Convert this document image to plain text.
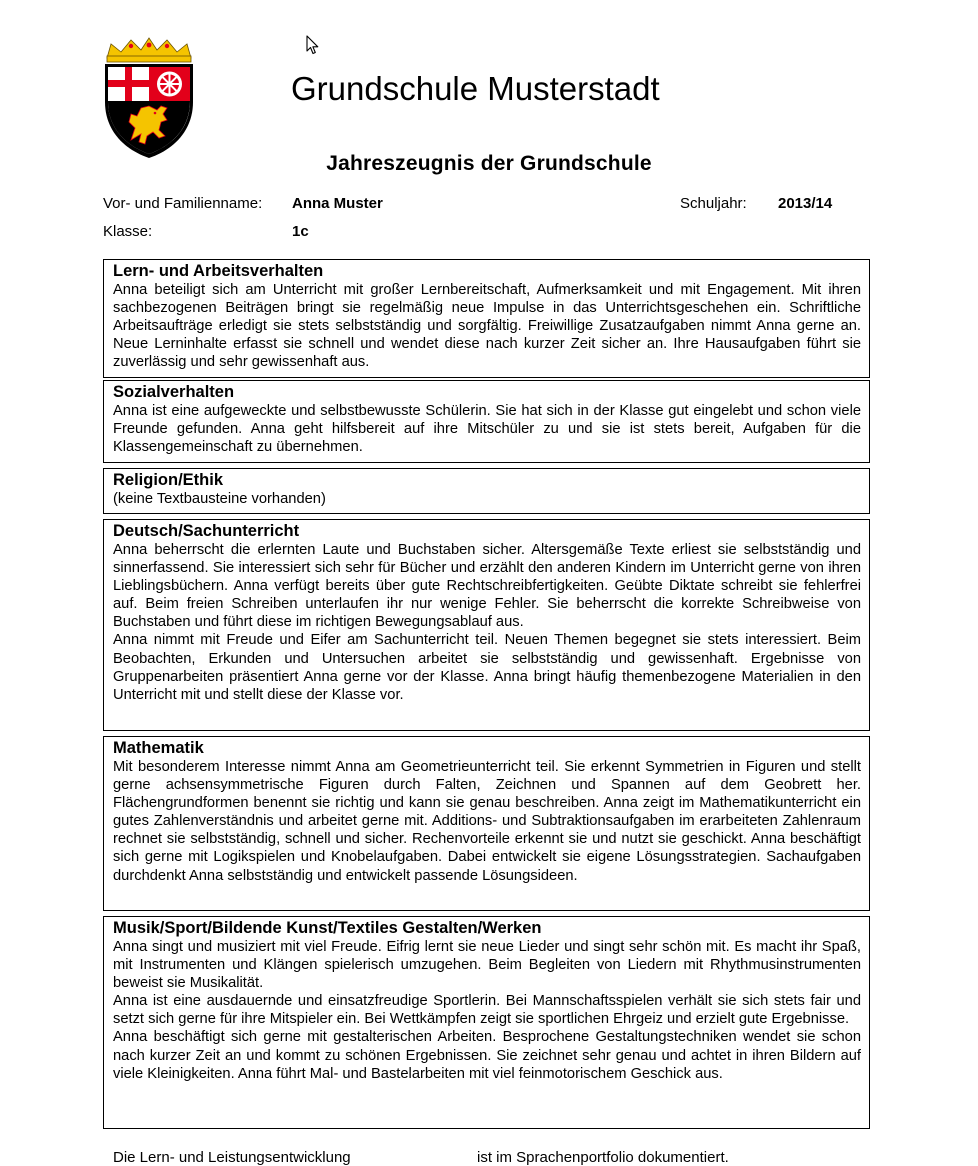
Grundschule Musterstadt
Jahreszeugnis der Grundschule
Vor- und Familienname: Anna Muster	Schuljahr: 2013/14
Klasse:	1c
Lern- und Arbeitsverhalten

Anna beteiligt sich am Unterricht mit großer Lernbereitschaft, Aufmerksamkeit und mit Engagement. Mit ihren sachbezogenen Beiträgen bringt sie regelmäßig neue Impulse in das Unterrichtsgeschehen ein. Schriftliche Arbeitsaufträge erledigt sie stets selbstständig und sorgfältig. Freiwillige Zusatzaufgaben nimmt Anna gerne an. Neue Lerninhalte erfasst sie schnell und wendet diese nach kurzer Zeit sicher an. Ihre Hausaufgaben führt sie zuverlässig und sehr gewissenhaft aus.

Sozialverhalten

Anna ist eine aufgeweckte und selbstbewusste Schülerin. Sie hat sich in der Klasse gut eingelebt und schon viele Freunde gefunden. Anna geht hilfsbereit auf ihre Mitschüler zu und sie ist stets bereit, Aufgaben für die Klassengemeinschaft zu übernehmen.

Religion/Ethik

(keine Textbausteine vorhanden)

Deutsch/Sachunterricht

Anna beherrscht die erlernten Laute und Buchstaben sicher. Altersgemäße Texte erliest sie selbstständig und sinnerfassend. Sie interessiert sich sehr für Bücher und erzählt den anderen Kindern im Unterricht gerne von ihren Lieblingsbüchern. Anna verfügt bereits über gute Rechtschreibfertigkeiten. Geübte Diktate schreibt sie fehlerfrei auf. Beim freien Schreiben unterlaufen ihr nur wenige Fehler. Sie beherrscht die korrekte Schreibweise von Buchstaben und führt diese im richtigen Bewegungsablauf aus.

Anna nimmt mit Freude und Eifer am Sachunterricht teil. Neuen Themen begegnet sie stets interessiert. Beim Beobachten, Erkunden und Untersuchen arbeitet sie selbstständig und gewissenhaft. Ergebnisse von Gruppenarbeiten präsentiert Anna gerne vor der Klasse. Anna bringt häufig themenbezogene Materialien in den Unterricht mit und stellt diese der Klasse vor.

Mathematik

Mit besonderem Interesse nimmt Anna am Geometrieunterricht teil. Sie erkennt Symmetrien in Figuren und stellt gerne achsensymmetrische Figuren durch Falten, Zeichnen und Spannen auf dem Geobrett her. Flächengrundformen benennt sie richtig und kann sie genau beschreiben. Anna zeigt im Mathematikunterricht ein gutes Zahlenverständnis und arbeitet gerne mit. Additions- und Subtraktionsaufgaben im erarbeiteten Zahlenraum rechnet sie selbstständig, schnell und sicher. Rechenvorteile erkennt sie und nutzt sie geschickt. Anna beschäftigt sich gerne mit Logikspielen und Knobelaufgaben. Dabei entwickelt sie eigene Lösungsstrategien. Sachaufgaben durchdenkt Anna selbstständig und entwickelt passende Lösungsideen.

Musik/Sport/Bildende Kunst/Textiles Gestalten/Werken

Anna singt und musiziert mit viel Freude. Eifrig lernt sie neue Lieder und singt sehr schön mit. Es macht ihr Spaß, mit Instrumenten und Klängen spielerisch umzugehen. Beim Begleiten von Liedern mit Rhythmusinstrumenten beweist sie Musikalität.

Anna ist eine ausdauernde und einsatzfreudige Sportlerin. Bei Mannschaftsspielen verhält sie sich stets fair und setzt sich gerne für ihre Mitspieler ein. Bei Wettkämpfen zeigt sie sportlichen Ehrgeiz und erzielt gute Ergebnisse.

Anna beschäftigt sich gerne mit gestalterischen Arbeiten. Besprochene Gestaltungstechniken wendet sie schon nach kurzer Zeit an und kommt zu schönen Ergebnissen. Sie zeichnet sehr genau und achtet in ihren Bildern auf viele Kleinigkeiten. Anna führt Mal- und Bastelarbeiten mit viel feinmotorischem Geschick aus.

Die Lern- und Leistungsentwicklung	ist im Sprachenportfolio dokumentiert.
